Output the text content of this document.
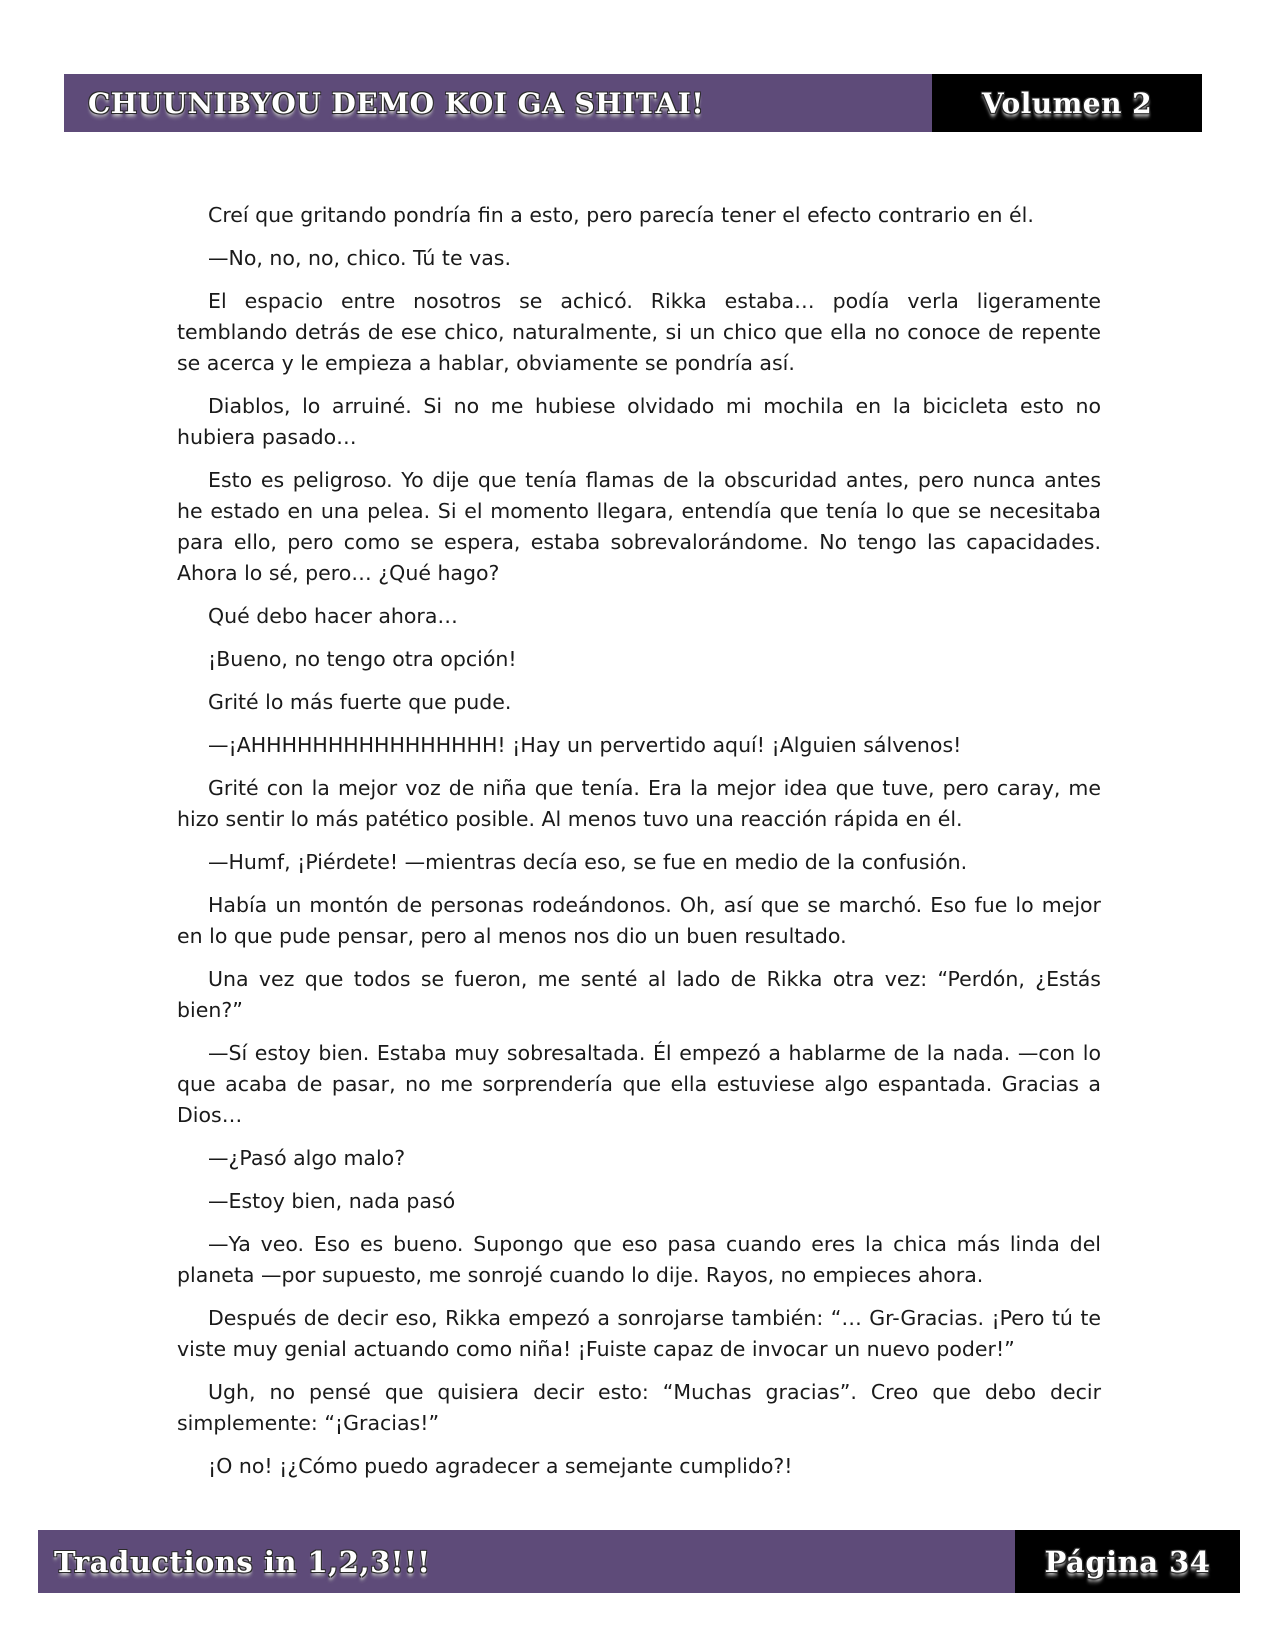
CHUUNIBYOU DEMO KOI GA SHITAI!	Volumen 2

Creí que gritando pondría fin a esto, pero parecía tener el efecto contrario en él.

—No, no, no, chico. Tú te vas.

El espacio entre nosotros se achicó. Rikka estaba… podía verla ligeramente temblando detrás de ese chico, naturalmente, si un chico que ella no conoce de repente se acerca y le empieza a hablar, obviamente se pondría así.

Diablos, lo arruiné. Si no me hubiese olvidado mi mochila en la bicicleta esto no hubiera pasado…

Esto es peligroso. Yo dije que tenía flamas de la obscuridad antes, pero nunca antes he estado en una pelea. Si el momento llegara, entendía que tenía lo que se necesitaba para ello, pero como se espera, estaba sobrevalorándome. No tengo las capacidades. Ahora lo sé, pero… ¿Qué hago?

Qué debo hacer ahora…

¡Bueno, no tengo otra opción!

Grité lo más fuerte que pude.

—¡AHHHHHHHHHHHHHHHH! ¡Hay un pervertido aquí! ¡Alguien sálvenos!

Grité con la mejor voz de niña que tenía. Era la mejor idea que tuve, pero caray, me hizo sentir lo más patético posible. Al menos tuvo una reacción rápida en él.

—Humf, ¡Piérdete! —mientras decía eso, se fue en medio de la confusión.

Había un montón de personas rodeándonos. Oh, así que se marchó. Eso fue lo mejor en lo que pude pensar, pero al menos nos dio un buen resultado.

Una vez que todos se fueron, me senté al lado de Rikka otra vez: “Perdón, ¿Estás bien?”

—Sí estoy bien. Estaba muy sobresaltada. Él empezó a hablarme de la nada. —con lo que acaba de pasar, no me sorprendería que ella estuviese algo espantada. Gracias a Dios…

—¿Pasó algo malo?

—Estoy bien, nada pasó

—Ya veo. Eso es bueno. Supongo que eso pasa cuando eres la chica más linda del planeta —por supuesto, me sonrojé cuando lo dije. Rayos, no empieces ahora.

Después de decir eso, Rikka empezó a sonrojarse también: “… Gr-Gracias. ¡Pero tú te viste muy genial actuando como niña! ¡Fuiste capaz de invocar un nuevo poder!”

Ugh, no pensé que quisiera decir esto: “Muchas gracias”. Creo que debo decir simplemente: “¡Gracias!”

¡O no! ¡¿Cómo puedo agradecer a semejante cumplido?!

Traductions in 1,2,3!!!	Página 34
